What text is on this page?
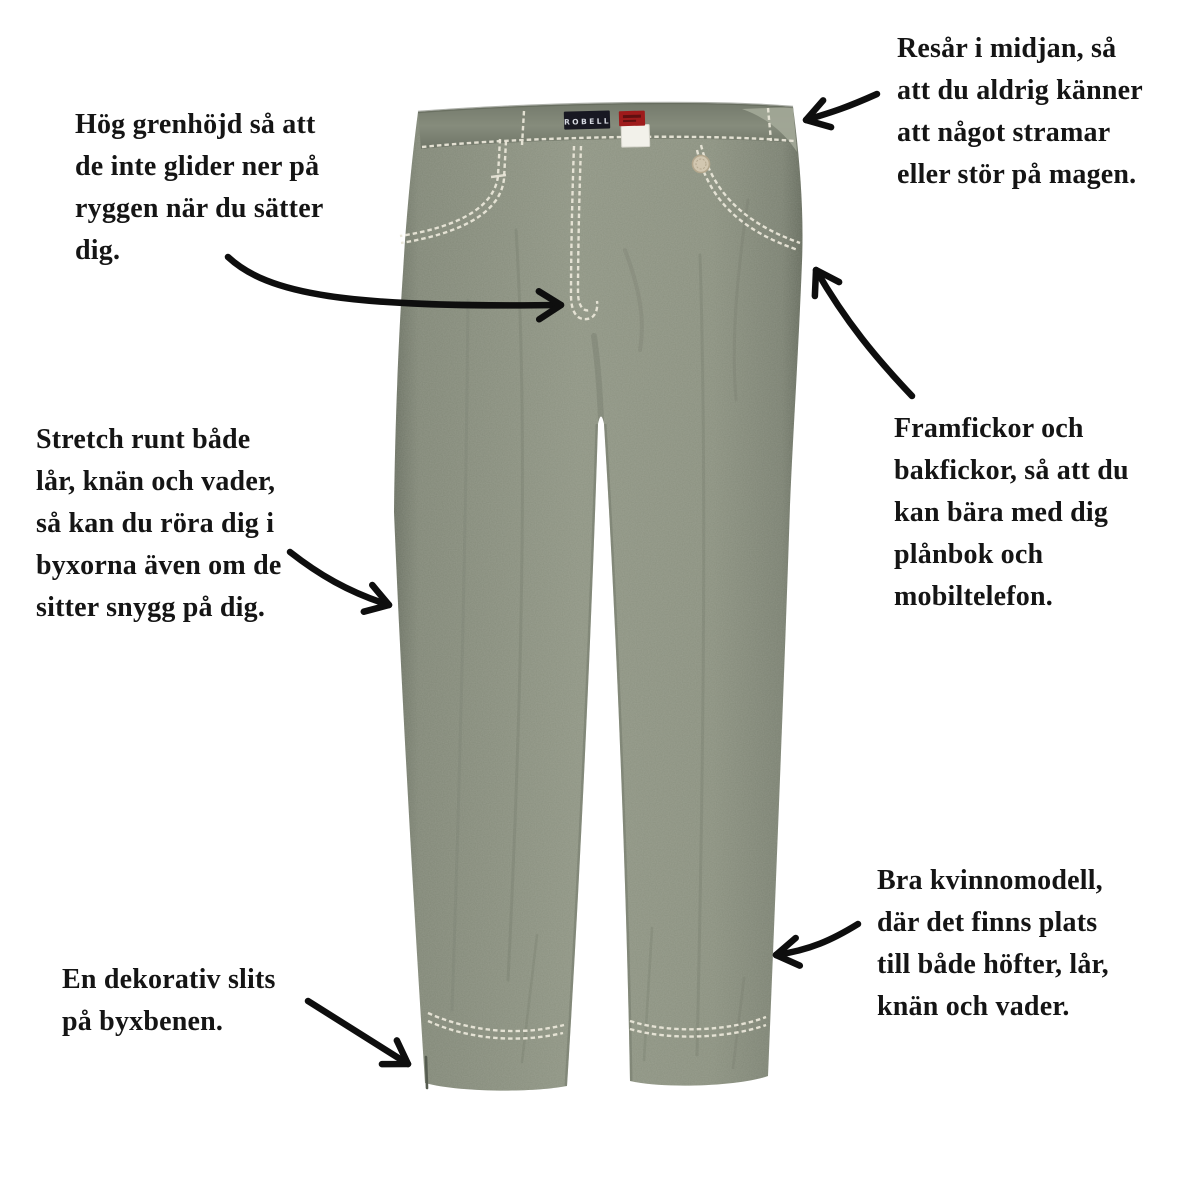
ROBELL
Hög grenhöjd så att
de inte glider ner på
ryggen när du sätter
dig.
Resår i midjan, så
att du aldrig känner
att något stramar
eller stör på magen.
Stretch runt både
lår, knän och vader,
så kan du röra dig i
byxorna även om de
sitter snygg på dig.
Framfickor och
bakfickor, så att du
kan bära med dig
plånbok och
mobiltelefon.
Bra kvinnomodell,
där det finns plats
till både höfter, lår,
knän och vader.
En dekorativ slits
på byxbenen.
